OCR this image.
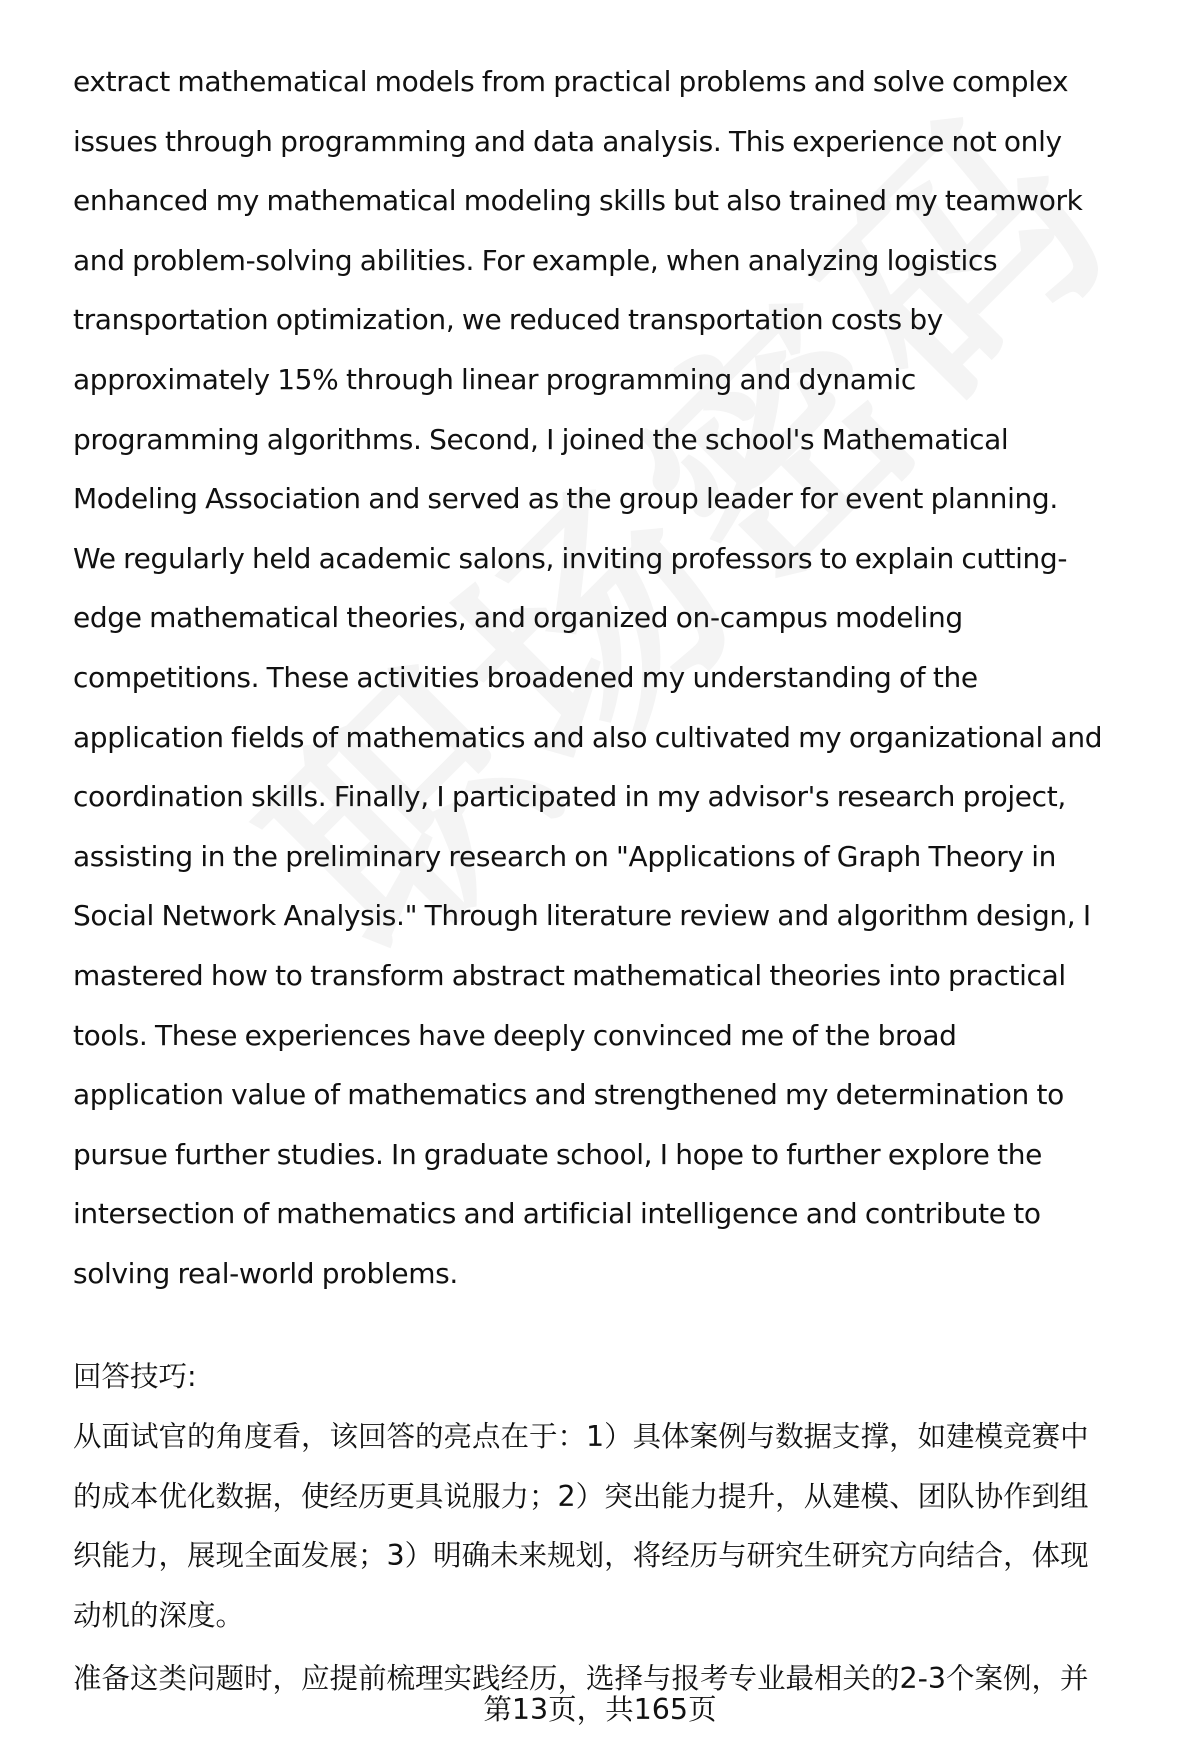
extract mathematical models from practical problems and solve complex
issues through programming and data analysis. This experience not only
enhanced my mathematical modeling skills but also trained my teamwork
and problem-solving abilities. For example, when analyzing logistics
transportation optimization, we reduced transportation costs by
approximately 15% through linear programming and dynamic
programming algorithms. Second, I joined the school's Mathematical
Modeling Association and served as the group leader for event planning.
We regularly held academic salons, inviting professors to explain cutting-
edge mathematical theories, and organized on-campus modeling
competitions. These activities broadened my understanding of the
application fields of mathematics and also cultivated my organizational and
coordination skills. Finally, I participated in my advisor's research project,
assisting in the preliminary research on "Applications of Graph Theory in
Social Network Analysis." Through literature review and algorithm design, I
mastered how to transform abstract mathematical theories into practical
tools. These experiences have deeply convinced me of the broad
application value of mathematics and strengthened my determination to
pursue further studies. In graduate school, I hope to further explore the
intersection of mathematics and artificial intelligence and contribute to
solving real-world problems.
回答技巧:
从面试官的角度看，该回答的亮点在于：1）具体案例与数据支撑，如建模竞赛中
的成本优化数据，使经历更具说服力；2）突出能力提升，从建模、团队协作到组
织能力，展现全面发展；3）明确未来规划，将经历与研究生研究方向结合，体现
动机的深度。
准备这类问题时，应提前梳理实践经历，选择与报考专业最相关的2-3个案例，并
第13页，共165页
